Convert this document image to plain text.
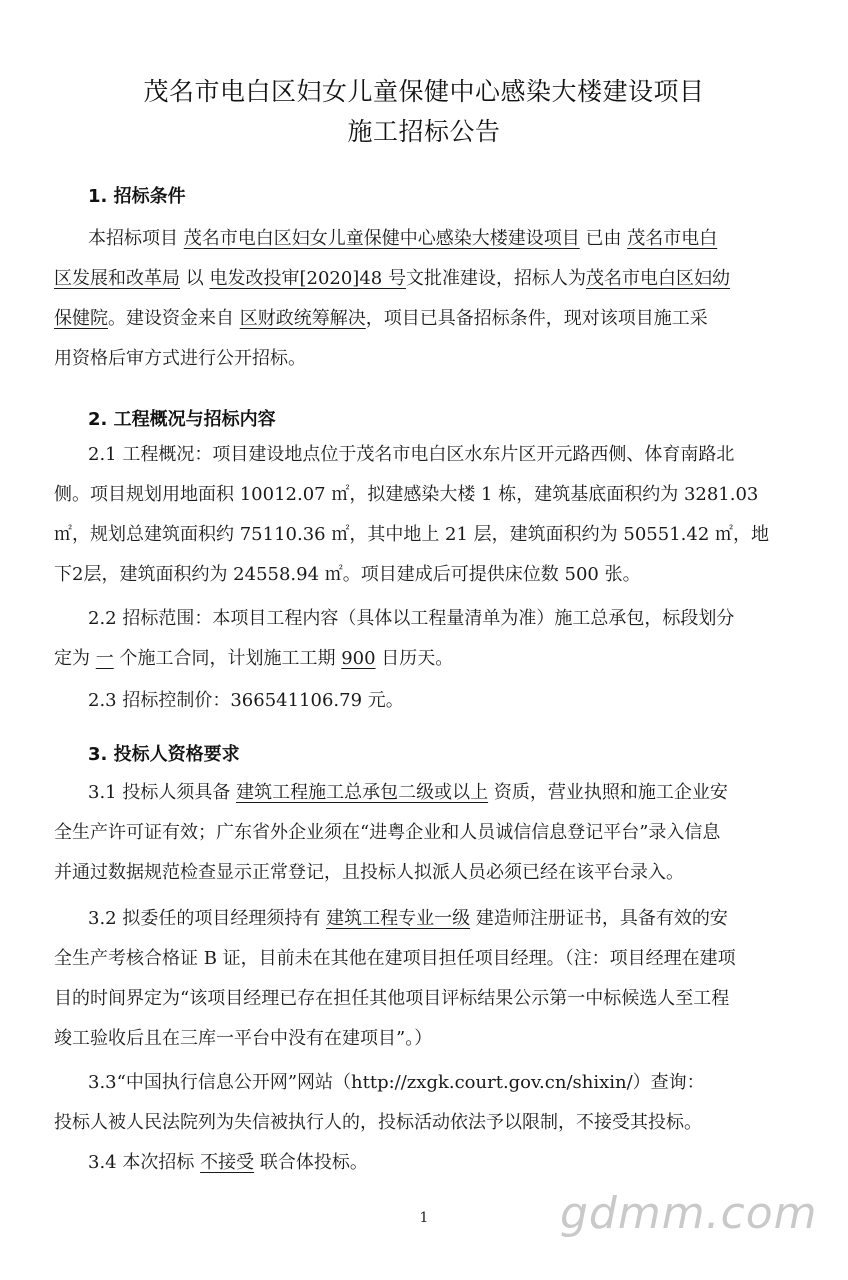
茂名市电白区妇女儿童保健中心感染大楼建设项目
施工招标公告
1. 招标条件
本招标项目 茂名市电白区妇女儿童保健中心感染大楼建设项目 已由 茂名市电白
区发展和改革局 以 电发改投审[2020]48 号文批准建设，招标人为茂名市电白区妇幼
保健院。建设资金来自 区财政统筹解决，项目已具备招标条件，现对该项目施工采
用资格后审方式进行公开招标。
2. 工程概况与招标内容
2.1 工程概况：项目建设地点位于茂名市电白区水东片区开元路西侧、体育南路北
侧。项目规划用地面积 10012.07 ㎡，拟建感染大楼 1 栋，建筑基底面积约为 3281.03
㎡，规划总建筑面积约 75110.36 ㎡，其中地上 21 层，建筑面积约为 50551.42 ㎡，地
下2层，建筑面积约为 24558.94 ㎡。项目建成后可提供床位数 500 张。
2.2 招标范围：本项目工程内容（具体以工程量清单为准）施工总承包，标段划分
定为 一 个施工合同，计划施工工期 900 日历天。
2.3 招标控制价：366541106.79 元。
3. 投标人资格要求
3.1 投标人须具备 建筑工程施工总承包二级或以上 资质，营业执照和施工企业安
全生产许可证有效；广东省外企业须在“进粤企业和人员诚信信息登记平台”录入信息
并通过数据规范检查显示正常登记，且投标人拟派人员必须已经在该平台录入。
3.2 拟委任的项目经理须持有 建筑工程专业一级 建造师注册证书，具备有效的安
全生产考核合格证 B 证，目前未在其他在建项目担任项目经理。（注：项目经理在建项
目的时间界定为“该项目经理已存在担任其他项目评标结果公示第一中标候选人至工程
竣工验收后且在三库一平台中没有在建项目”。）
3.3“中国执行信息公开网”网站（http://zxgk.court.gov.cn/shixin/）查询：
投标人被人民法院列为失信被执行人的，投标活动依法予以限制，不接受其投标。
3.4 本次招标 不接受 联合体投标。
1	gdmm.com
